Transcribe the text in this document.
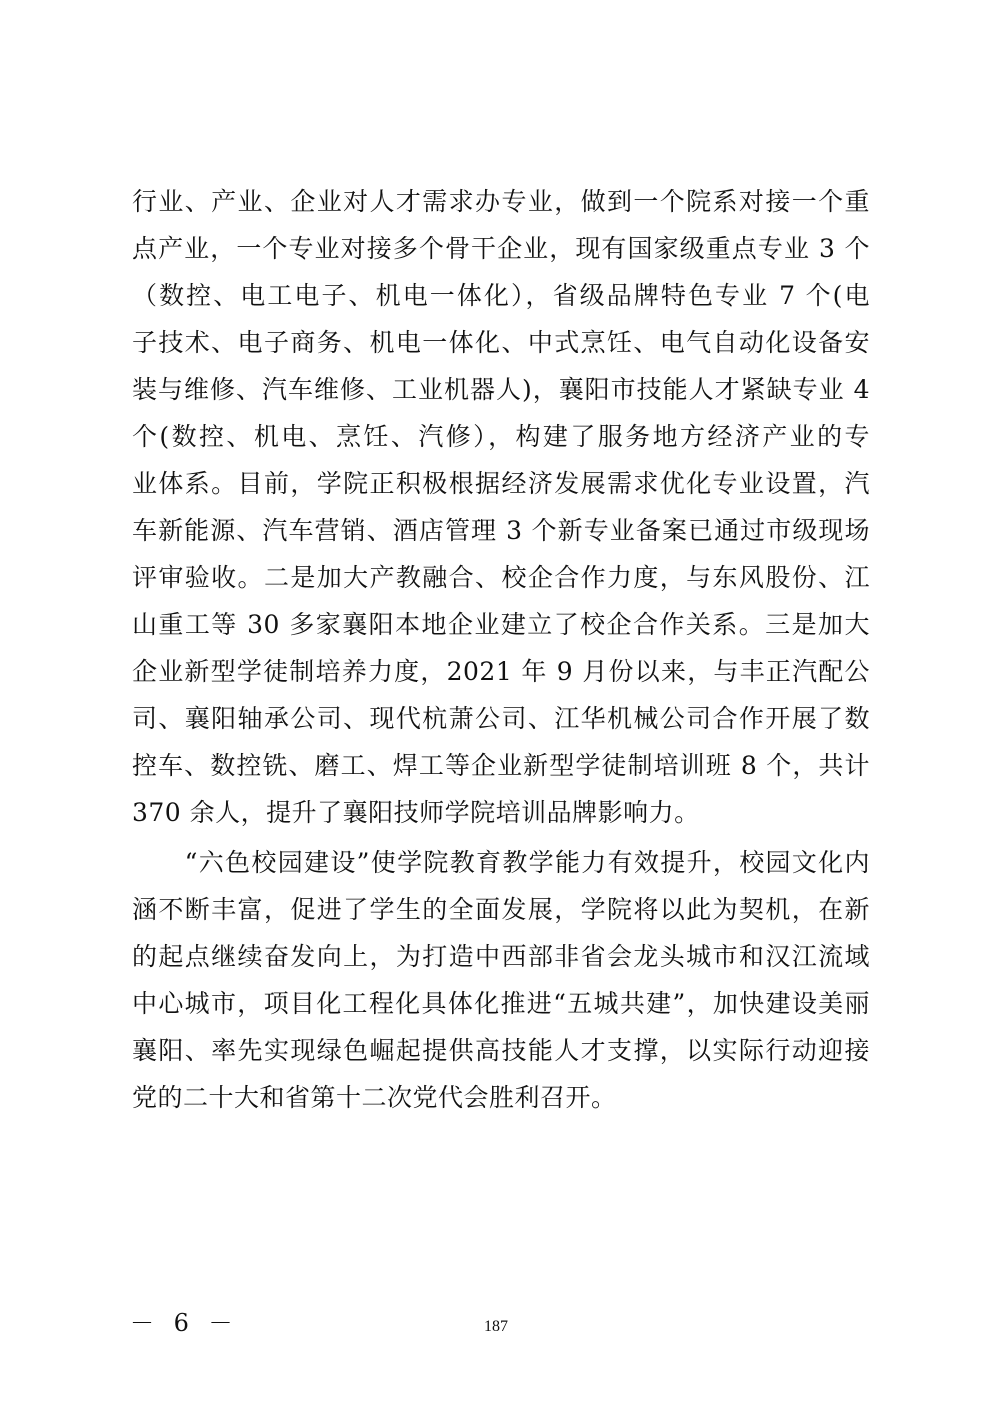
行业、产业、企业对人才需求办专业，做到一个院系对接一个重
点产业，一个专业对接多个骨干企业，现有国家级重点专业 3 个
（数控、电工电子、机电一体化），省级品牌特色专业 7 个(电
子技术、电子商务、机电一体化、中式烹饪、电气自动化设备安
装与维修、汽车维修、工业机器人)，襄阳市技能人才紧缺专业 4
个(数控、机电、烹饪、汽修），构建了服务地方经济产业的专
业体系。目前，学院正积极根据经济发展需求优化专业设置，汽
车新能源、汽车营销、酒店管理 3 个新专业备案已通过市级现场
评审验收。二是加大产教融合、校企合作力度，与东风股份、江
山重工等 30 多家襄阳本地企业建立了校企合作关系。三是加大
企业新型学徒制培养力度，2021 年 9 月份以来，与丰正汽配公
司、襄阳轴承公司、现代杭萧公司、江华机械公司合作开展了数
控车、数控铣、磨工、焊工等企业新型学徒制培训班 8 个，共计
370 余人，提升了襄阳技师学院培训品牌影响力。
　　“六色校园建设”使学院教育教学能力有效提升，校园文化内
涵不断丰富，促进了学生的全面发展，学院将以此为契机，在新
的起点继续奋发向上，为打造中西部非省会龙头城市和汉江流域
中心城市，项目化工程化具体化推进“五城共建”，加快建设美丽
襄阳、率先实现绿色崛起提供高技能人才支撑，以实际行动迎接
党的二十大和省第十二次党代会胜利召开。
－ 6 －	187
